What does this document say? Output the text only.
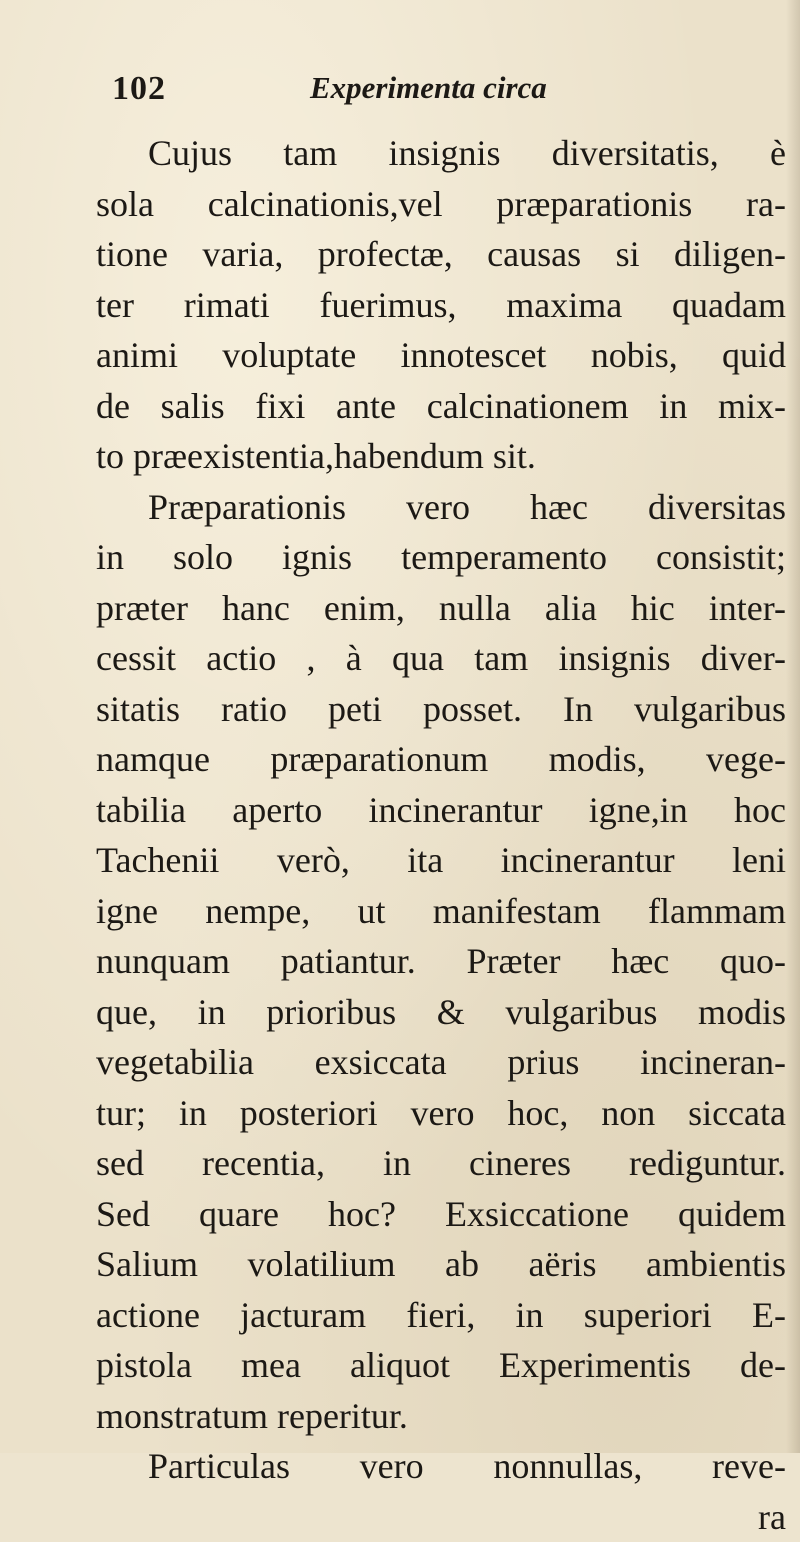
102	Experimenta circa
Cujus tam insignis diversitatis, è
sola calcinationis,vel præparationis ra-
tione varia, profectæ, causas si diligen-
ter rimati fuerimus, maxima quadam
animi voluptate innotescet nobis, quid
de salis fixi ante calcinationem in mix-
to præexistentia,habendum sit.
Præparationis vero hæc diversitas
in solo ignis temperamento consistit;
præter hanc enim, nulla alia hic inter-
cessit actio , à qua tam insignis diver-
sitatis ratio peti posset. In vulgaribus
namque præparationum modis, vege-
tabilia aperto incinerantur igne,in hoc
Tachenii verò, ita incinerantur leni
igne nempe, ut manifestam flammam
nunquam patiantur. Præter hæc quo-
que, in prioribus & vulgaribus modis
vegetabilia exsiccata prius incineran-
tur; in posteriori vero hoc, non siccata
sed recentia, in cineres rediguntur.
Sed quare hoc? Exsiccatione quidem
Salium volatilium ab aëris ambientis
actione jacturam fieri, in superiori E-
pistola mea aliquot Experimentis de-
monstratum reperitur.
Particulas vero nonnullas, reve-
ra
